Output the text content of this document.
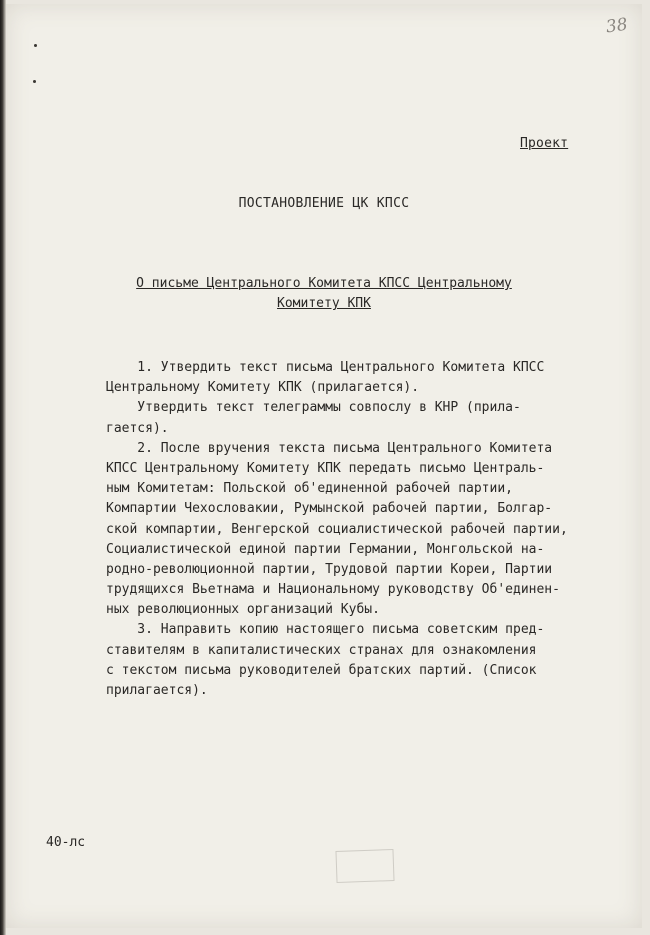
38
Проект
ПОСТАНОВЛЕНИЕ ЦК КПСС
О письме Центрального Комитета КПСС Центральному
Комитету КПК
1. Утвердить текст письма Центрального Комитета КПСС
Центральному Комитету КПК (прилагается).
Утвердить текст телеграммы совпослу в КНР (прила-
гается).
2. После вручения текста письма Центрального Комитета
КПСС Центральному Комитету КПК передать письмо Централь-
ным Комитетам: Польской об'единенной рабочей партии,
Компартии Чехословакии, Румынской рабочей партии, Болгар-
ской компартии, Венгерской социалистической рабочей партии,
Социалистической единой партии Германии, Монгольской на-
родно-революционной партии, Трудовой партии Кореи, Партии
трудящихся Вьетнама и Национальному руководству Об'единен-
ных революционных организаций Кубы.
3. Направить копию настоящего письма советским пред-
ставителям в капиталистических странах для ознакомления
с текстом письма руководителей братских партий. (Список
прилагается).
40-лс
